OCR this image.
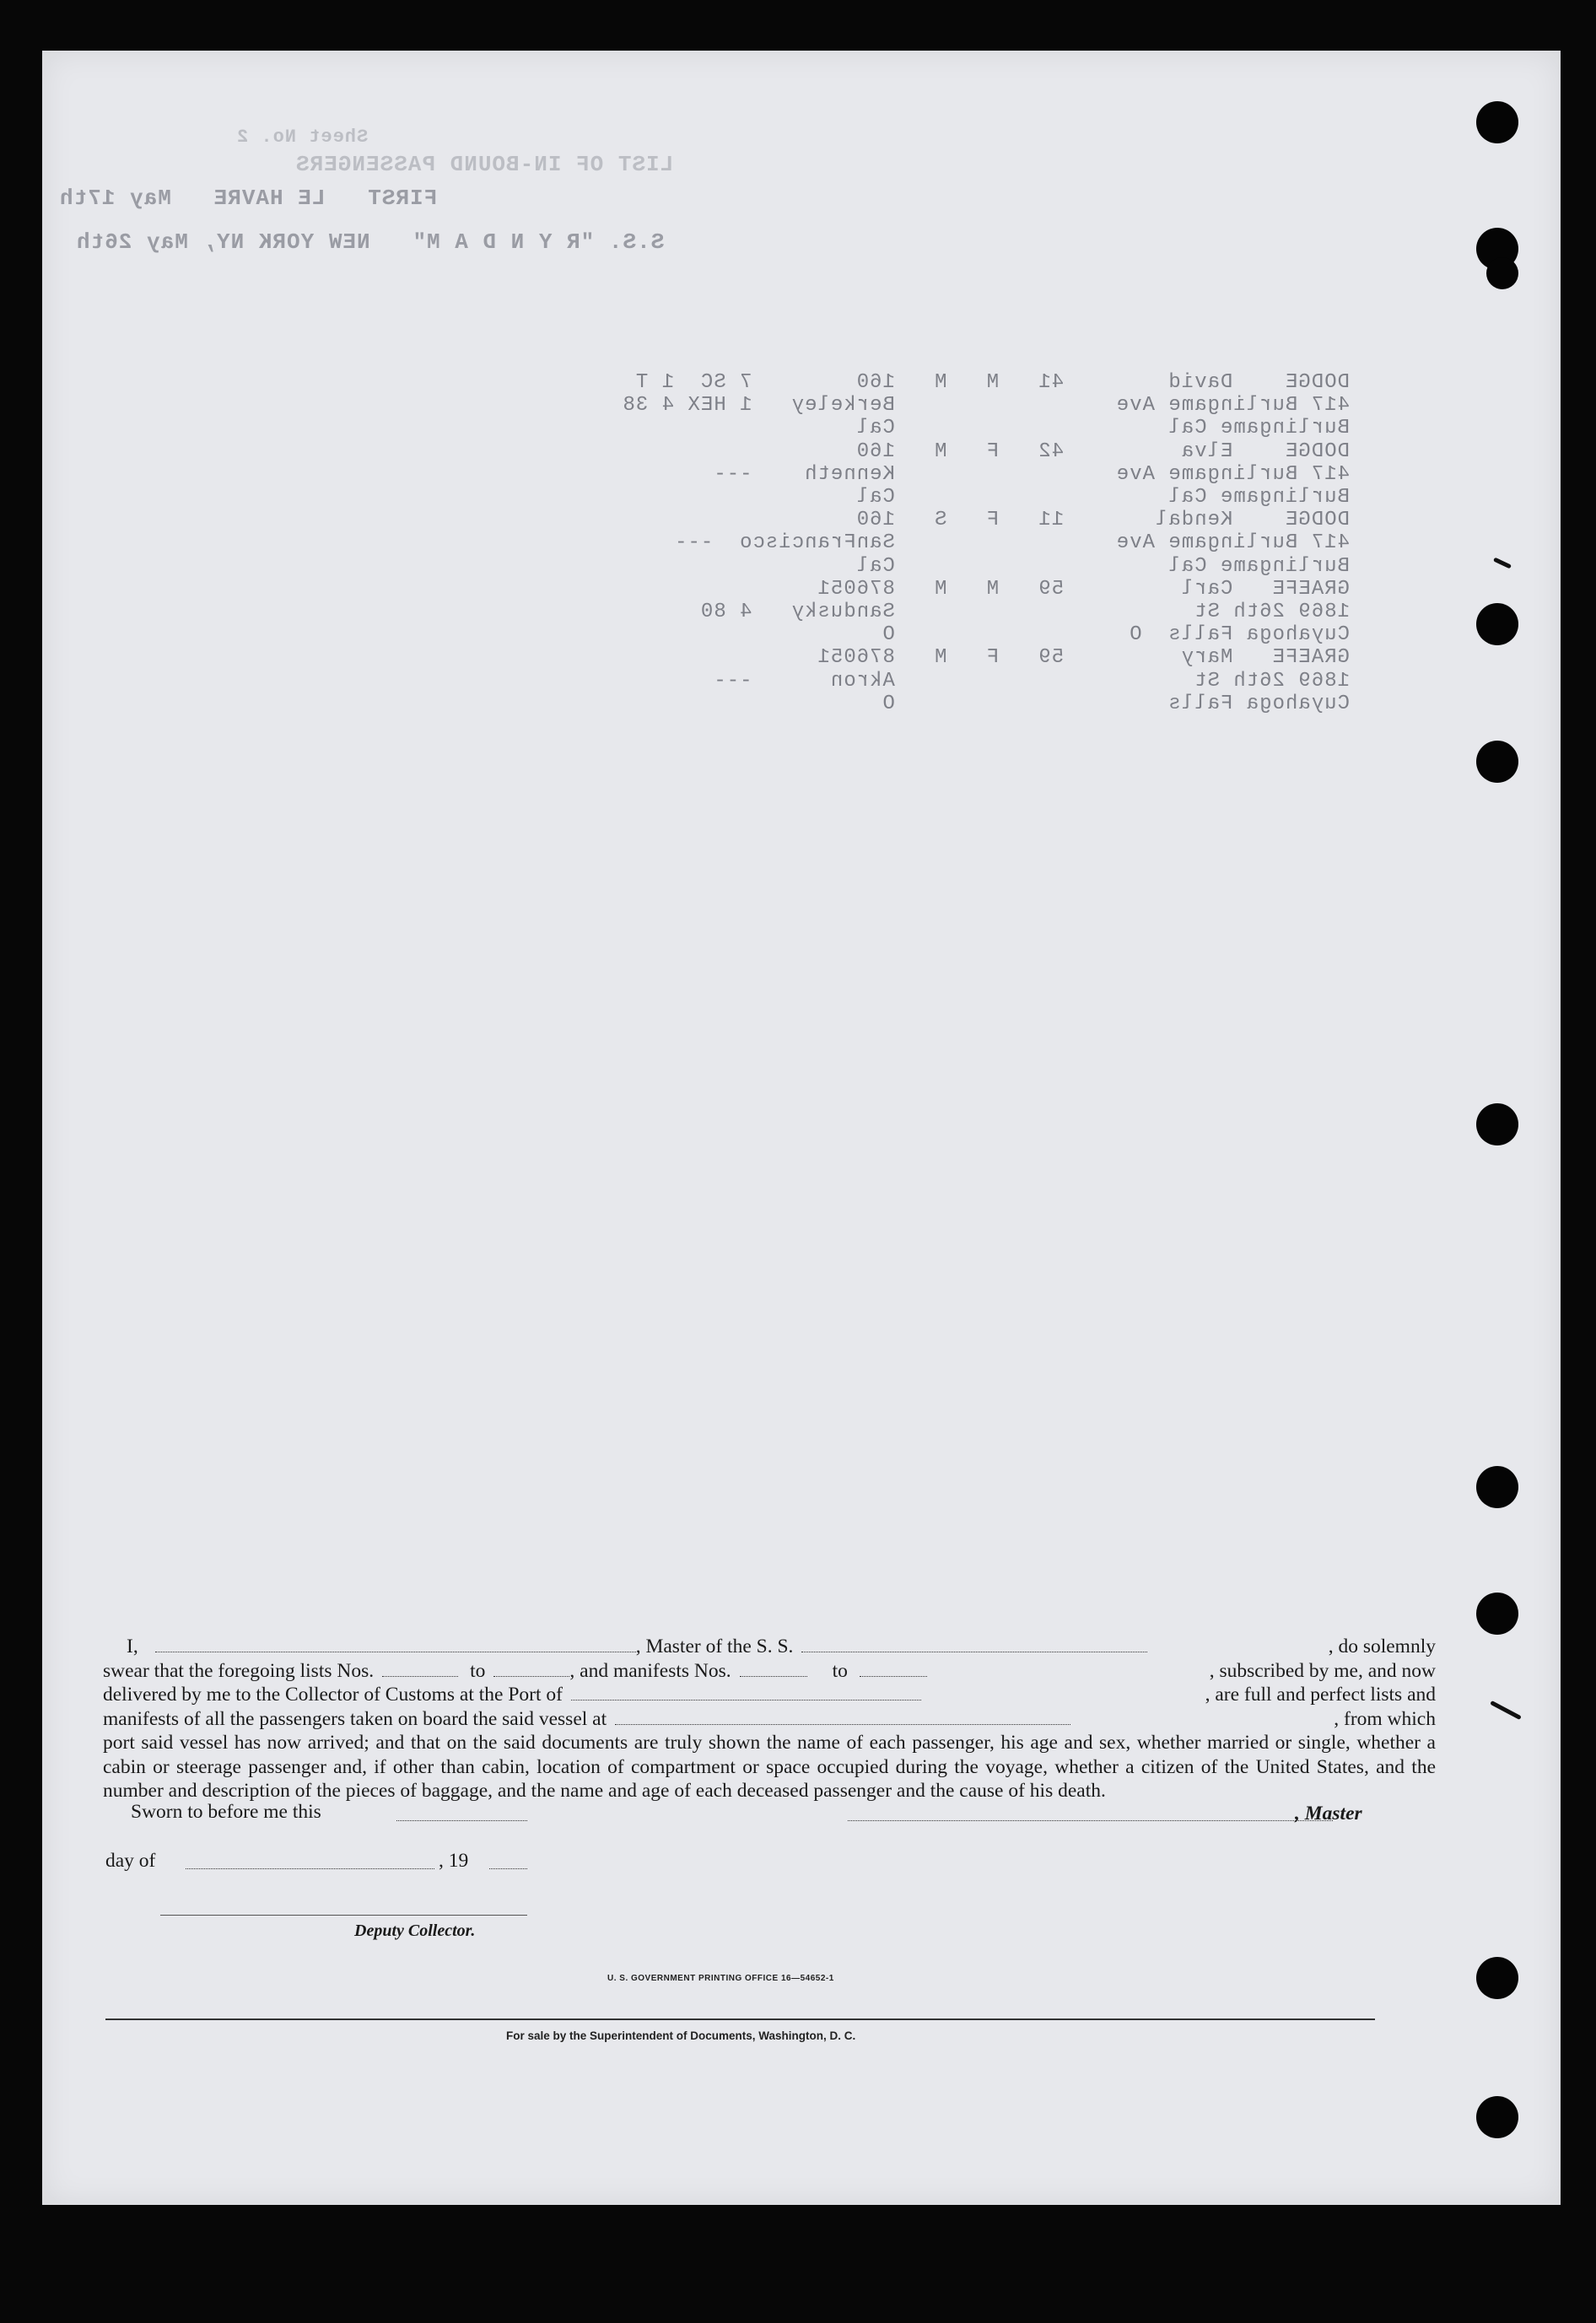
Sheet No. 2
LIST OF IN-BOUND PASSENGERS
FIRST   LE HAVRE   May 17th
S.S. "R Y N D A M"   NEW YORK NY, May 26th
DODGE    David        41   M   M   160        7 SC  1 T
417 Burlingame Ave                 Berkeley   1 HEX 4 38
Burlingame Cal                     Cal
DODGE    Elva         42   F   M   160
417 Burlingame Ave                 Kenneth    ---
Burlingame Cal                     Cal
DODGE    Kendal       11   F   S   160
417 Burlingame Ave                 SanFrancisco  ---
Burlingame Cal                     Cal
GRAEFE   Carl         59   M   M   876051
1869 26th St                       Sandusky   4 80
Cuyahoga Falls  O                  O
GRAEFE   Mary         59   F   M   876051
1869 26th St                       Akron      ---
Cuyahoga Falls                     O
I,	, Master of the S. S.	, do solemnly
swear that the foregoing lists Nos.	to	, and manifests Nos.	to	, subscribed by me, and now
delivered by me to the Collector of Customs at the Port of	, are full and perfect lists and
manifests of all the passengers taken on board the said vessel at	, from which
port said vessel has now arrived; and that on the said documents are truly shown the name of each passenger, his age and sex, whether married or single, whether a cabin or steerage passenger and, if other than cabin, location of compartment or space occupied during the voyage, whether a citizen of the United States, and the number and description of the pieces of baggage, and the name and age of each deceased passenger and the cause of his death.
Sworn to before me this	, Master
day of	, 19
Deputy Collector.
U. S. GOVERNMENT PRINTING OFFICE 16—54652-1
For sale by the Superintendent of Documents, Washington, D. C.
